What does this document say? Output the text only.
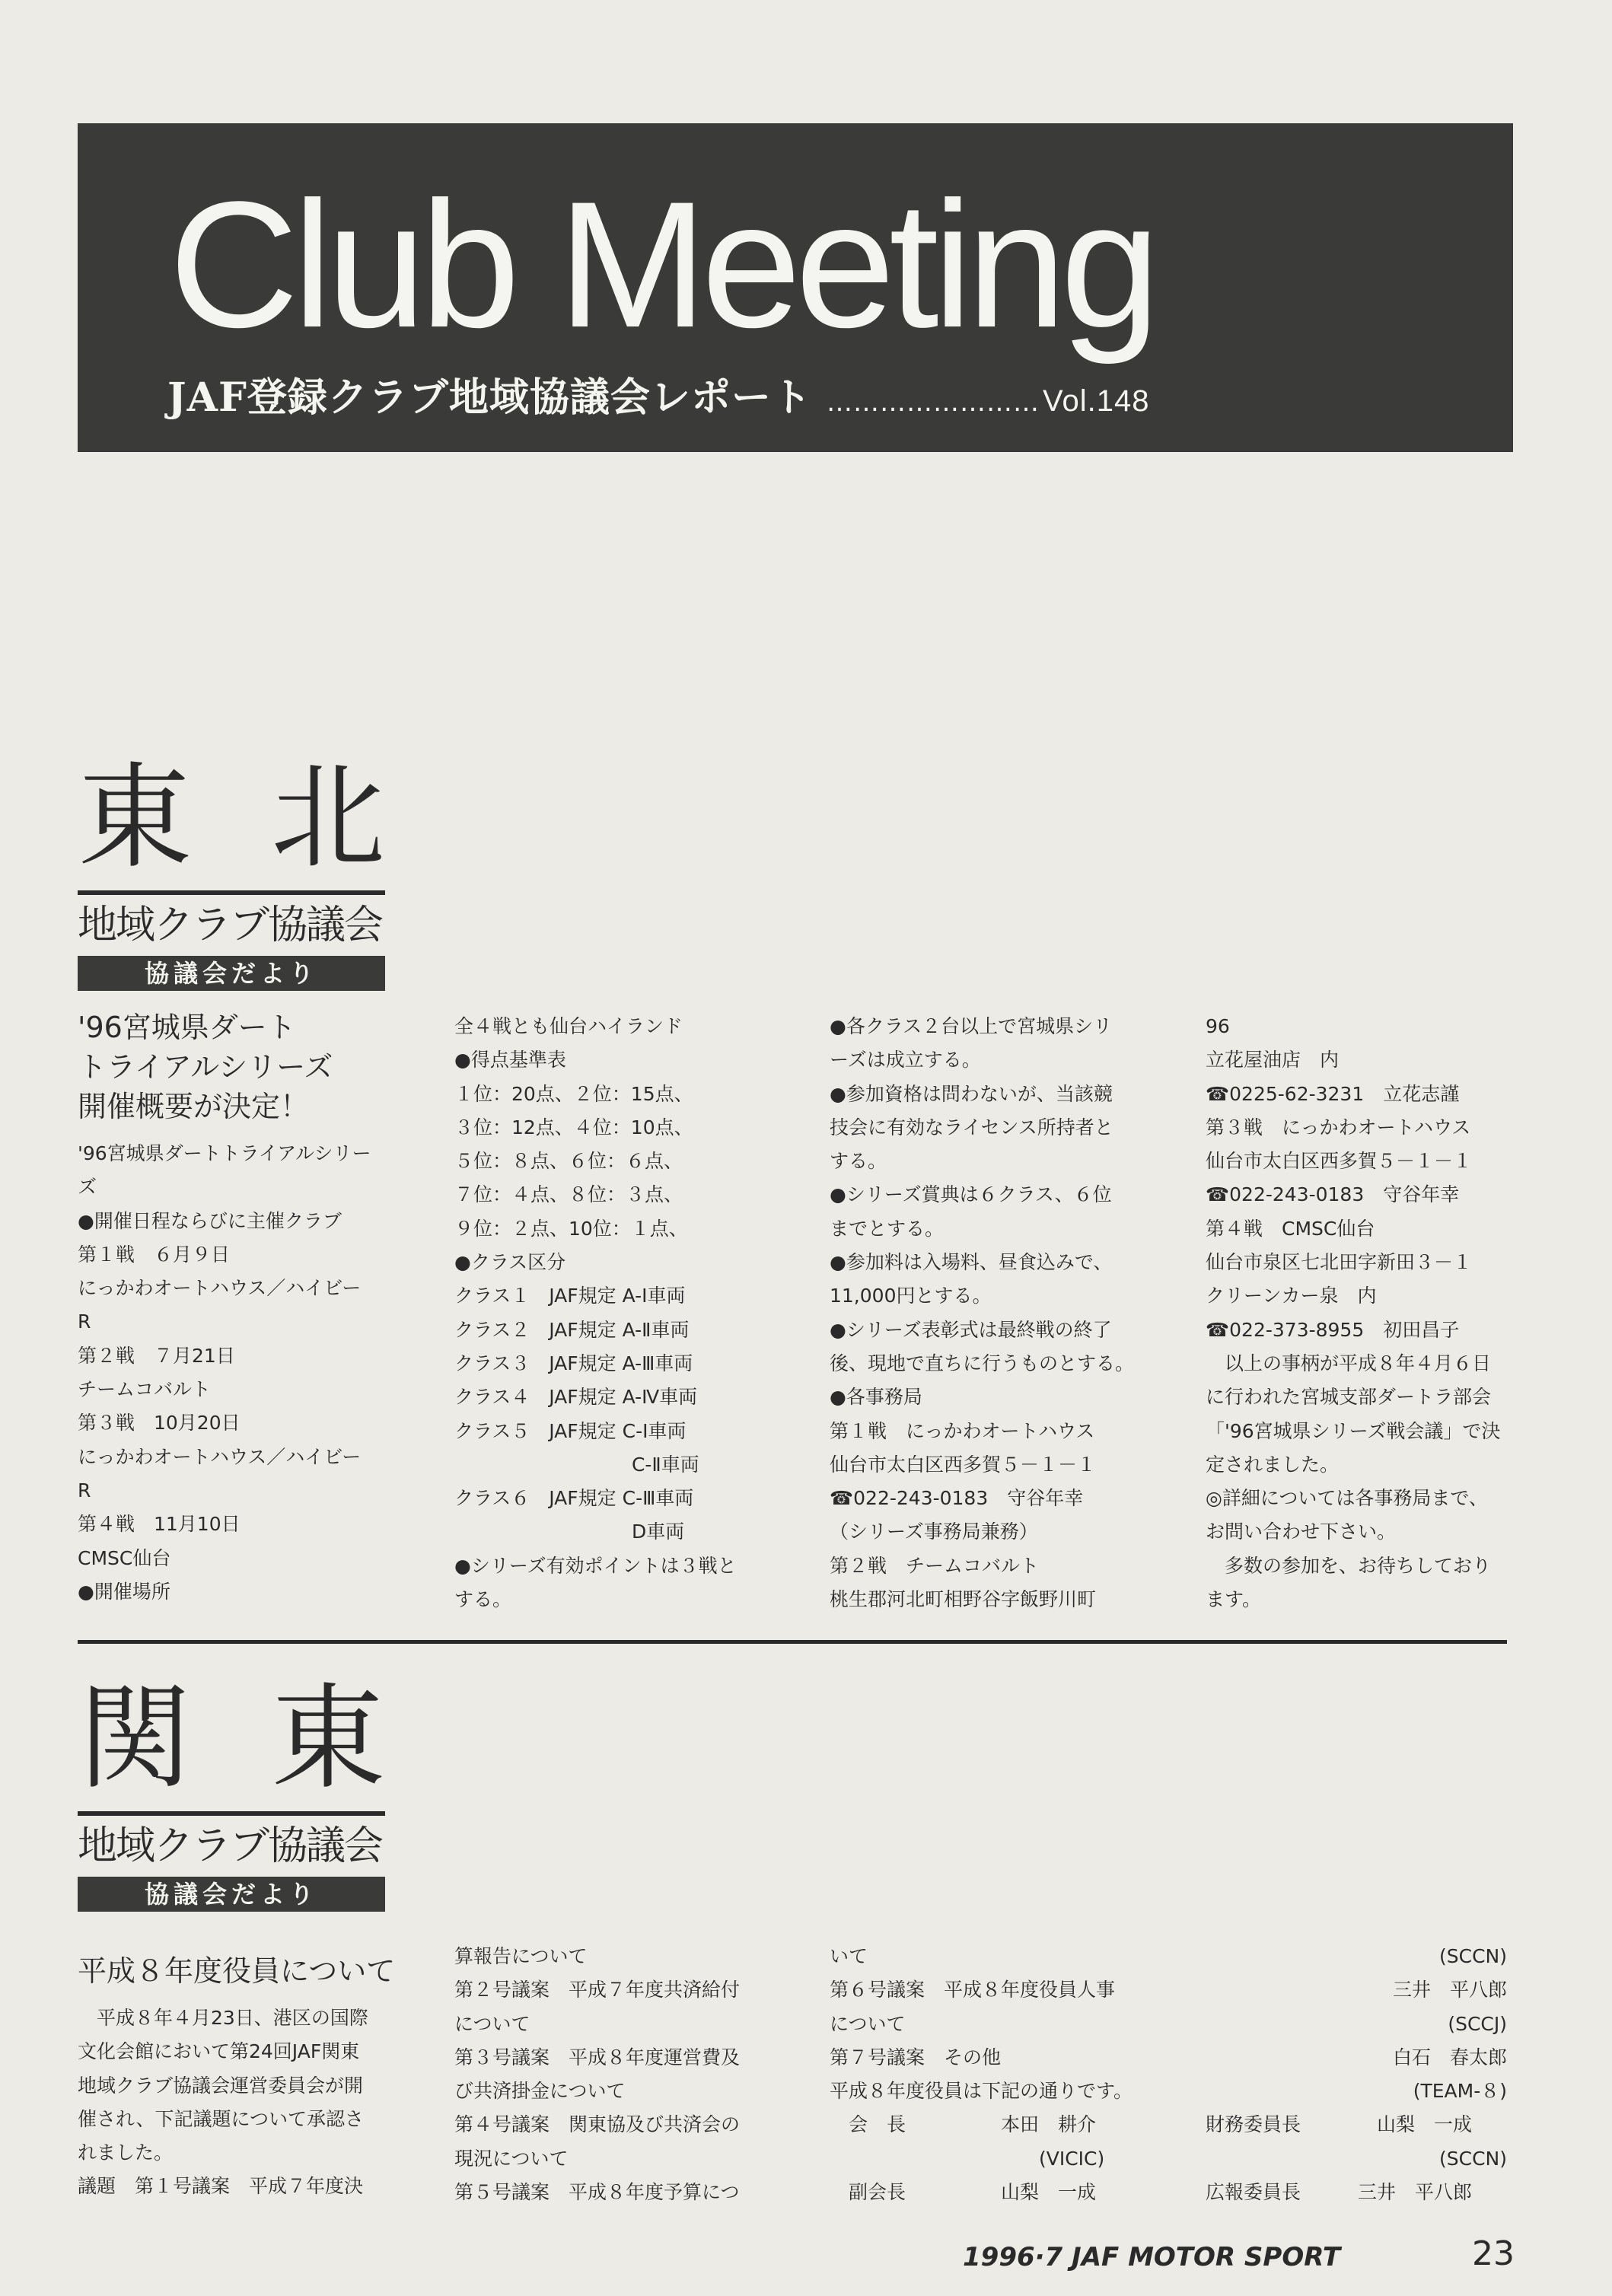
Club Meeting
JAF登録クラブ地域協議会レポート …………………… Vol.148
東 北
地域クラブ協議会
協議会だより
'96宮城県ダート
トライアルシリーズ
開催概要が決定！
'96宮城県ダートトライアルシリー
ズ
●開催日程ならびに主催クラブ
第１戦　６月９日
にっかわオートハウス／ハイビー
R
第２戦　７月21日
チームコバルト
第３戦　10月20日
にっかわオートハウス／ハイビー
R
第４戦　11月10日
CMSC仙台
●開催場所
全４戦とも仙台ハイランド
●得点基準表
１位：20点、２位：15点、
３位：12点、４位：10点、
５位：８点、６位：６点、
７位：４点、８位：３点、
９位：２点、10位：１点、
●クラス区分
クラス１　JAF規定 A-Ⅰ車両
クラス２　JAF規定 A-Ⅱ車両
クラス３　JAF規定 A-Ⅲ車両
クラス４　JAF規定 A-Ⅳ車両
クラス５　JAF規定 C-Ⅰ車両
　　　　　　　　　 C-Ⅱ車両
クラス６　JAF規定 C-Ⅲ車両
　　　　　　　　　 D車両
●シリーズ有効ポイントは３戦と
する。
●各クラス２台以上で宮城県シリ
ーズは成立する。
●参加資格は問わないが、当該競
技会に有効なライセンス所持者と
する。
●シリーズ賞典は６クラス、６位
までとする。
●参加料は入場料、昼食込みで、
11,000円とする。
●シリーズ表彰式は最終戦の終了
後、現地で直ちに行うものとする。
●各事務局
第１戦　にっかわオートハウス
仙台市太白区西多賀５－１－１
☎022-243-0183　守谷年幸
（シリーズ事務局兼務）
第２戦　チームコバルト
桃生郡河北町相野谷字飯野川町
96
立花屋油店　内
☎0225-62-3231　立花志謹
第３戦　にっかわオートハウス
仙台市太白区西多賀５－１－１
☎022-243-0183　守谷年幸
第４戦　CMSC仙台
仙台市泉区七北田字新田３－１
クリーンカー泉　内
☎022-373-8955　初田昌子
　以上の事柄が平成８年４月６日
に行われた宮城支部ダートラ部会
「'96宮城県シリーズ戦会議」で決
定されました。
◎詳細については各事務局まで、
お問い合わせ下さい。
　多数の参加を、お待ちしており
ます。
関 東
地域クラブ協議会
協議会だより
平成８年度役員について
　平成８年４月23日、港区の国際
文化会館において第24回JAF関東
地域クラブ協議会運営委員会が開
催され、下記議題について承認さ
れました。
議題　第１号議案　平成７年度決
算報告について
第２号議案　平成７年度共済給付
について
第３号議案　平成８年度運営費及
び共済掛金について
第４号議案　関東協及び共済会の
現況について
第５号議案　平成８年度予算につ
いて
第６号議案　平成８年度役員人事
について
第７号議案　その他
平成８年度役員は下記の通りです。
　会　長　　　　　本田　耕介
　　　　　　　　　　　(VICIC)
　副会長　　　　　山梨　一成
(SCCN)
三井　平八郎
(SCCJ)
白石　春太郎
(TEAM-８)
財務委員長　　　　山梨　一成
(SCCN)
広報委員長　　　三井　平八郎
1996·7 JAF MOTOR SPORT	23
